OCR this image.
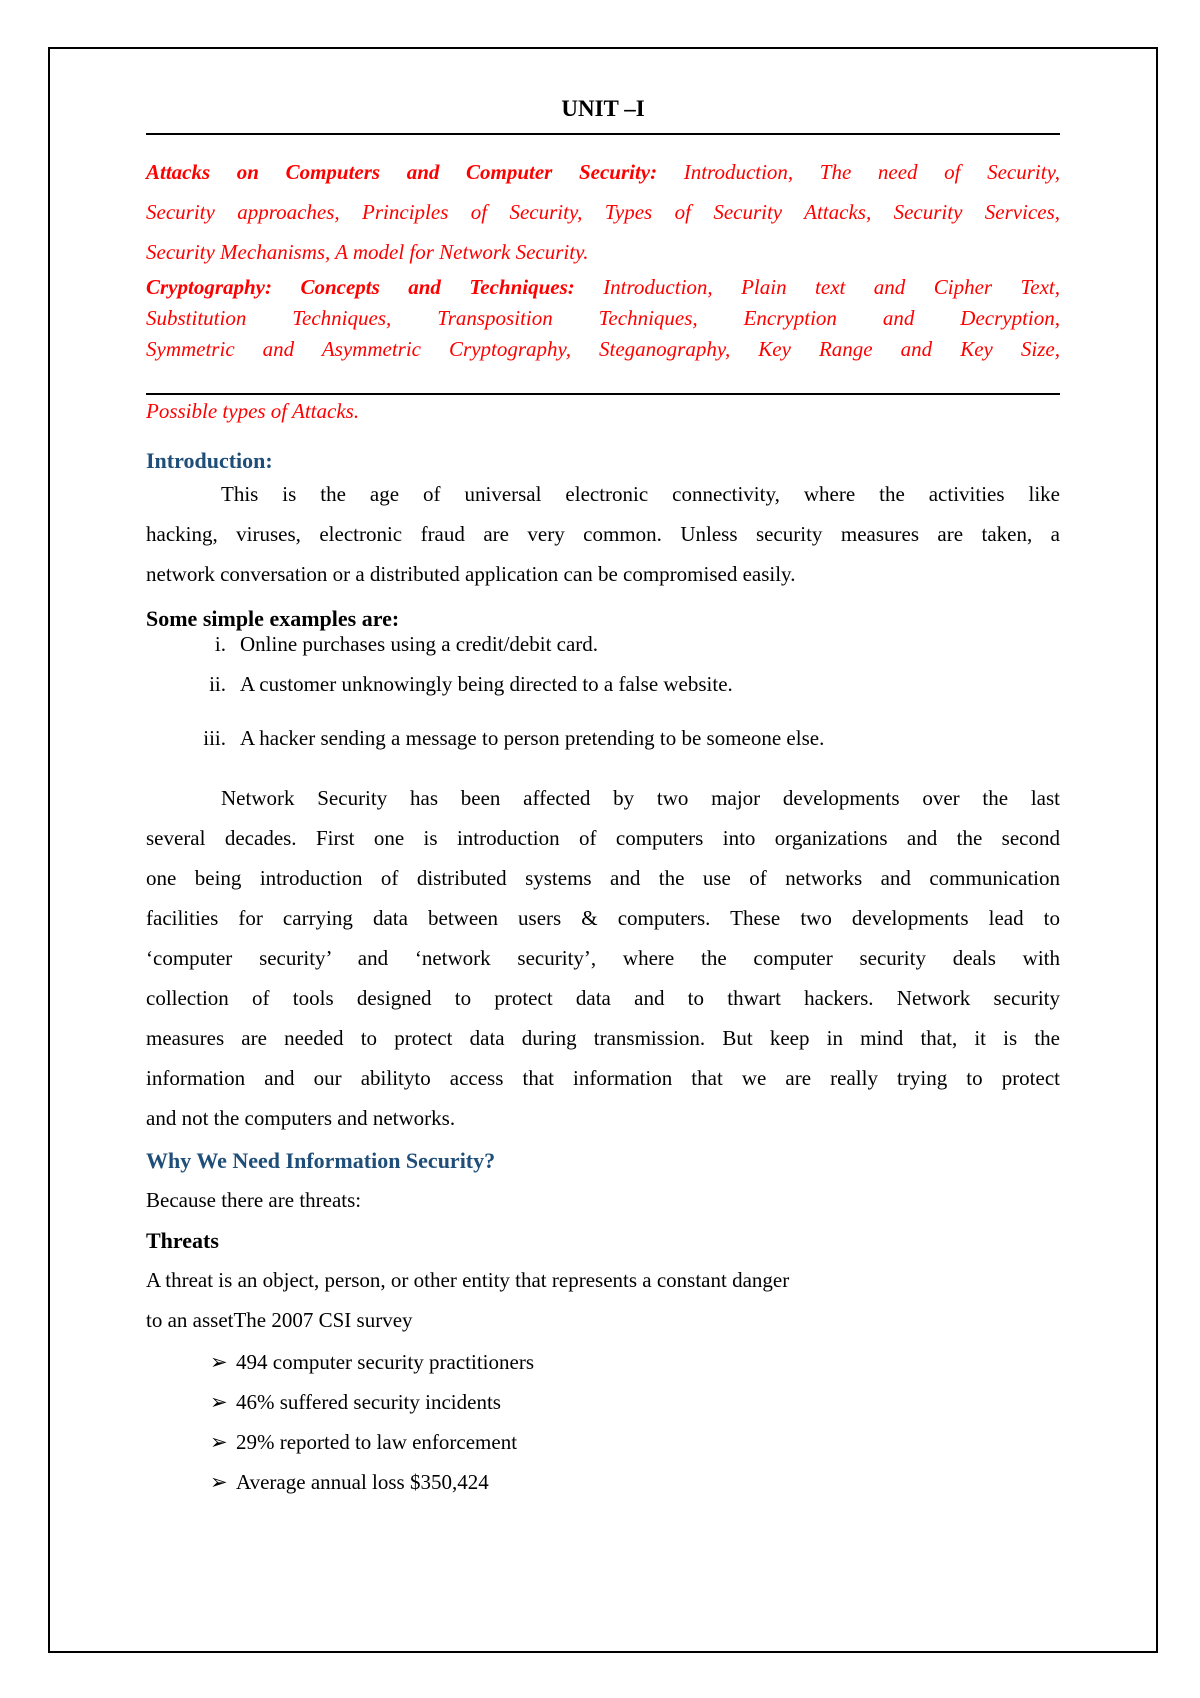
UNIT –I

Attacks on Computers and Computer Security: Introduction, The need of Security,

Security approaches, Principles of Security, Types of Security Attacks, Security Services,

Security Mechanisms, A model for Network Security.

Cryptography: Concepts and Techniques: Introduction, Plain text and Cipher Text,

Substitution Techniques, Transposition Techniques, Encryption and Decryption,

Symmetric and Asymmetric Cryptography, Steganography, Key Range and Key Size,

Possible types of Attacks.

Introduction:

This is the age of universal electronic connectivity, where the activities like

hacking, viruses, electronic fraud are very common. Unless security measures are taken, a

network conversation or a distributed application can be compromised easily.

Some simple examples are:
i. Online purchases using a credit/debit card.
ii. A customer unknowingly being directed to a false website.
iii. A hacker sending a message to person pretending to be someone else.

Network Security has been affected by two major developments over the last

several decades. First one is introduction of computers into organizations and the second

one being introduction of distributed systems and the use of networks and communication

facilities for carrying data between users & computers. These two developments lead to

‘computer security’ and ‘network security’, where the computer security deals with

collection of tools designed to protect data and to thwart hackers. Network security

measures are needed to protect data during transmission. But keep in mind that, it is the

information and our abilityto access that information that we are really trying to protect

and not the computers and networks.

Why We Need Information Security?
Because there are threats:
Threats
A threat is an object, person, or other entity that represents a constant danger
to an assetThe 2007 CSI survey
➢ 494 computer security practitioners
➢ 46% suffered security incidents
➢ 29% reported to law enforcement
➢ Average annual loss $350,424
